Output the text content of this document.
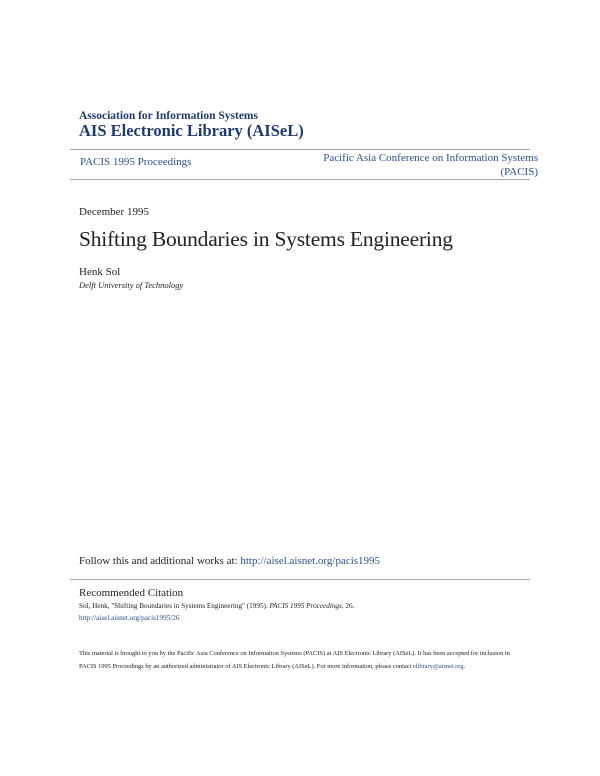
Association for Information Systems
AIS Electronic Library (AISeL)
PACIS 1995 Proceedings	Pacific Asia Conference on Information Systems (PACIS)
December 1995
Shifting Boundaries in Systems Engineering
Henk Sol
Delft University of Technology
Follow this and additional works at: http://aisel.aisnet.org/pacis1995
Recommended Citation
Sol, Henk, "Shifting Boundaries in Systems Engineering" (1995). PACIS 1995 Proceedings. 26.
http://aisel.aisnet.org/pacis1995/26
This material is brought to you by the Pacific Asia Conference on Information Systems (PACIS) at AIS Electronic Library (AISeL). It has been accepted for inclusion in PACIS 1995 Proceedings by an authorized administrator of AIS Electronic Library (AISeL). For more information, please contact elibrary@aisnet.org.
